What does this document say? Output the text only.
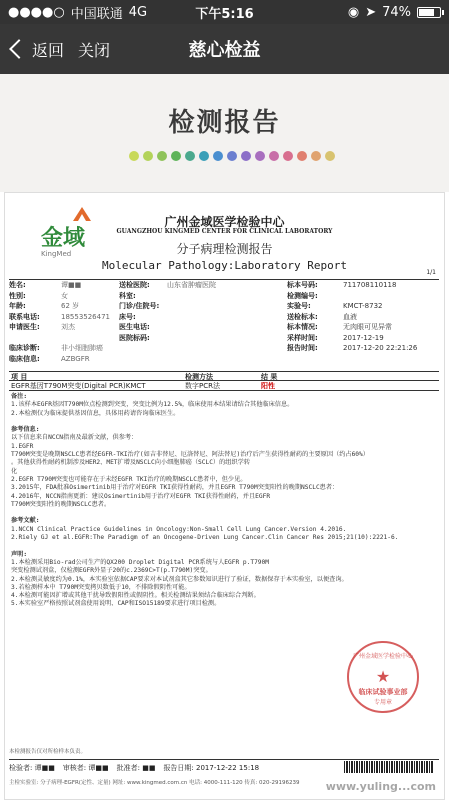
●●●●○ 中国联通 4G	下午5:16	◉ ➤ 74%
返回 关闭	慈心检益
检测报告
金域
KingMed
广州金域医学检验中心
GUANGZHOU KINGMED CENTER FOR CLINICAL LABORATORY
分子病理检测报告
Molecular Pathology:Laboratory Report
1/1
姓名:	谭■■	送检医院:	山东省肿瘤医院	标本号码:	711708110118
性别:	女	科室:	检测编号:
年龄:	62 岁	门诊/住院号:	实验号:	KMCT-8732
联系电话:	18553526471	床号:	送检标本:	血液
申请医生:	刘杰	医生电话:	标本情况:	无肉眼可见异常
医院标码:	采样时间:	2017-12-19
临床诊断:	非小细胞肺癌	报告时间:	2017-12-20 22:21:26
临床信息:	AZBGFR
项 目	检测方法	结 果
EGFR基因T790M突变(Digital PCR)KMCT	数字PCR法	阳性

备注:

1.该样本EGFR基因T790M位点检测到突变，突变比例为12.5%，临床使用本结果请结合其他临床信息。

2.本检测仅为临床提供基因信息，具体用药请咨询临床医生。

参考信息:

以下信息来自NCCN指南及最新文献，供参考：

1.EGFR

T790M突变是晚期NSCLC患者经EGFR-TKI治疗(如吉非替尼、厄洛替尼、阿法替尼)治疗后产生获得性耐药的主要原因（约占60%）

。其他获得性耐药机制涉及HER2、MET扩增及NSCLC向小细胞肺癌（SCLC）的组织学转

化

2.EGFR T790M突变也可能存在于未经EGFR TKI治疗的晚期NSCLC患者中，但少见。

3.2015年，FDA批准Osimertinib用于治疗对EGFR TKI获得性耐药，并且EGFR T790M突变阳性的晚期NSCLC患者：

4.2016年，NCCN指南更新：建议Osimertinib用于治疗对EGFR TKI获得性耐药，并且EGFR

T790M突变阳性的晚期NSCLC患者。

参考文献:

1.NCCN Clinical Practice Guidelines in Oncology:Non-Small Cell Lung Cancer.Version 4.2016.

2.Riely GJ et al.EGFR:The Paradigm of an Oncogene-Driven Lung Cancer.Clin Cancer Res 2015;21(10):2221-6.

声明:

1.本检测采用Bio-rad公司生产的QX200 Droplet Digital PCR系统与人EGFR p.T790M

突变检测试剂盒，仅检测EGFR外显子20的c.2369C>T(p.T790M)突变。

2.本检测灵敏度约为0.1%，本实验室依据CAP要求对本试剂盒其它参数知识进行了验证，数据保存于本实验室，以便查询。

3.若检测样本中 T790M突变拷贝数低于10，不排除假阴性可能。

4.本检测可能因扩增或其他干扰导致假阳性或假阴性。相关检测结果须结合临床综合判断。

5.本实验室严格按照试剂盒使用说明、CAP和ISO15189要求进行项目检测。

广州金域医学检验中心
★
临床试验事业部
专用章
本检测报告仅对所检样本负责。
检验者: 谭■■ 审核者: 谭■■ 批准者: ■■ 报告日期: 2017-12-22 15:18
主检实验室: 分子病理-EGFR(定性、定量) 网址: www.kingmed.com.cn 电话: 4000-111-120 传真: 020-29196239	www.yuling...com
